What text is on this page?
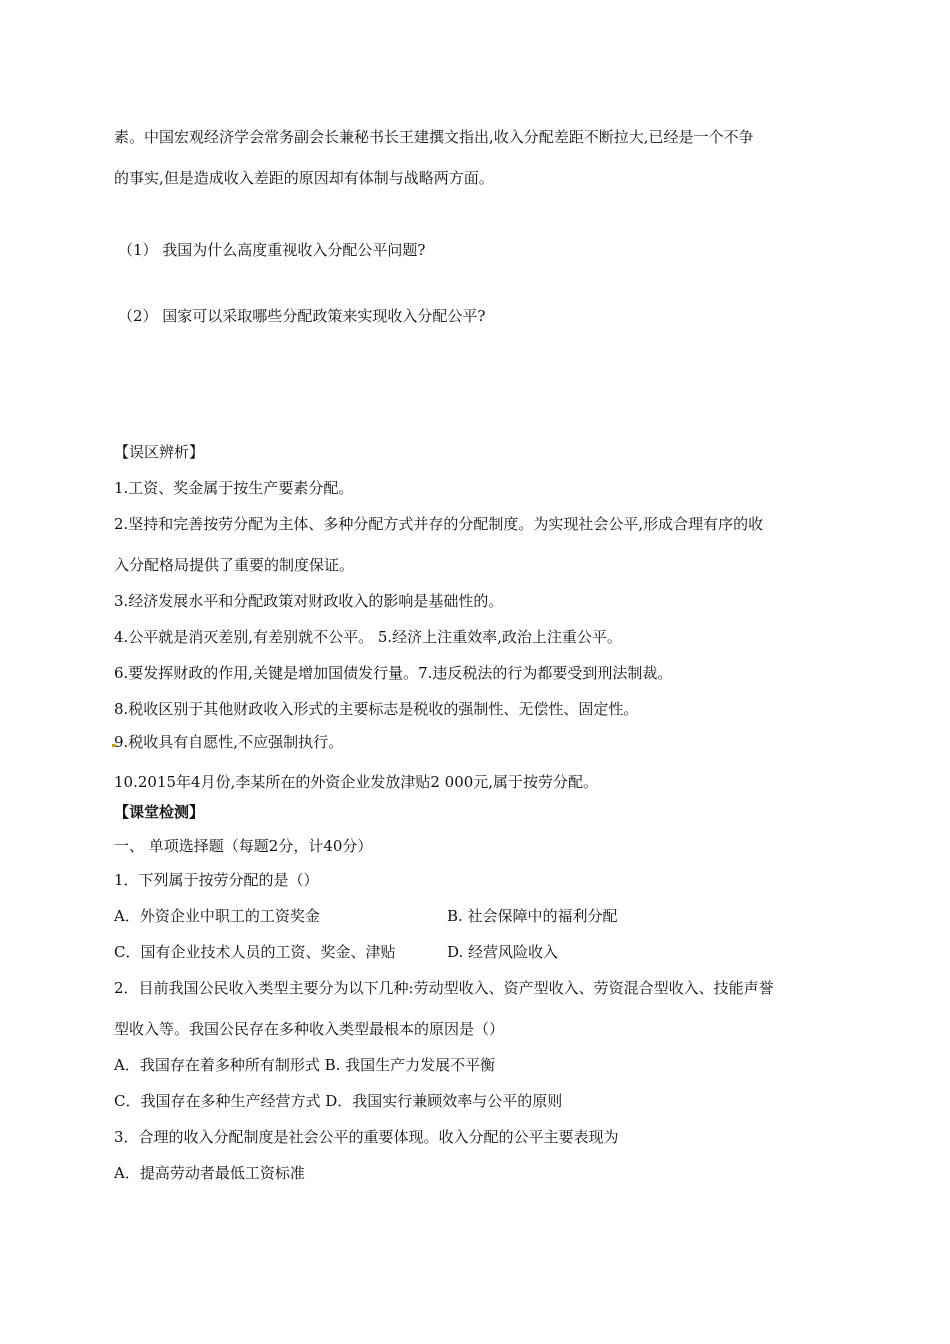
素。中国宏观经济学会常务副会长兼秘书长王建撰文指出,收入分配差距不断拉大,已经是一个不争
的事实,但是造成收入差距的原因却有体制与战略两方面。
（1） 我国为什么高度重视收入分配公平问题?
（2） 国家可以采取哪些分配政策来实现收入分配公平?
【误区辨析】
1.工资、奖金属于按生产要素分配。
2.坚持和完善按劳分配为主体、多种分配方式并存的分配制度。为实现社会公平,形成合理有序的收
入分配格局提供了重要的制度保证。
3.经济发展水平和分配政策对财政收入的影响是基础性的。
4.公平就是消灭差别,有差别就不公平。 5.经济上注重效率,政治上注重公平。
6.要发挥财政的作用,关键是增加国债发行量。7.违反税法的行为都要受到刑法制裁。
8.税收区别于其他财政收入形式的主要标志是税收的强制性、无偿性、固定性。
9.税收具有自愿性,不应强制执行。
10.2015年4月份,李某所在的外资企业发放津贴2 000元,属于按劳分配。
【课堂检测】
一、 单项选择题（每题2分，计40分）
1．下列属于按劳分配的是（）
A．外资企业中职工的工资奖金	B. 社会保障中的福利分配
C．国有企业技术人员的工资、奖金、津贴	D. 经营风险收入
2．目前我国公民收入类型主要分为以下几种:劳动型收入、资产型收入、劳资混合型收入、技能声誉
型收入等。我国公民存在多种收入类型最根本的原因是（）
A．我国存在着多种所有制形式 B. 我国生产力发展不平衡
C．我国存在多种生产经营方式 D．我国实行兼顾效率与公平的原则
3．合理的收入分配制度是社会公平的重要体现。收入分配的公平主要表现为
A．提高劳动者最低工资标准
